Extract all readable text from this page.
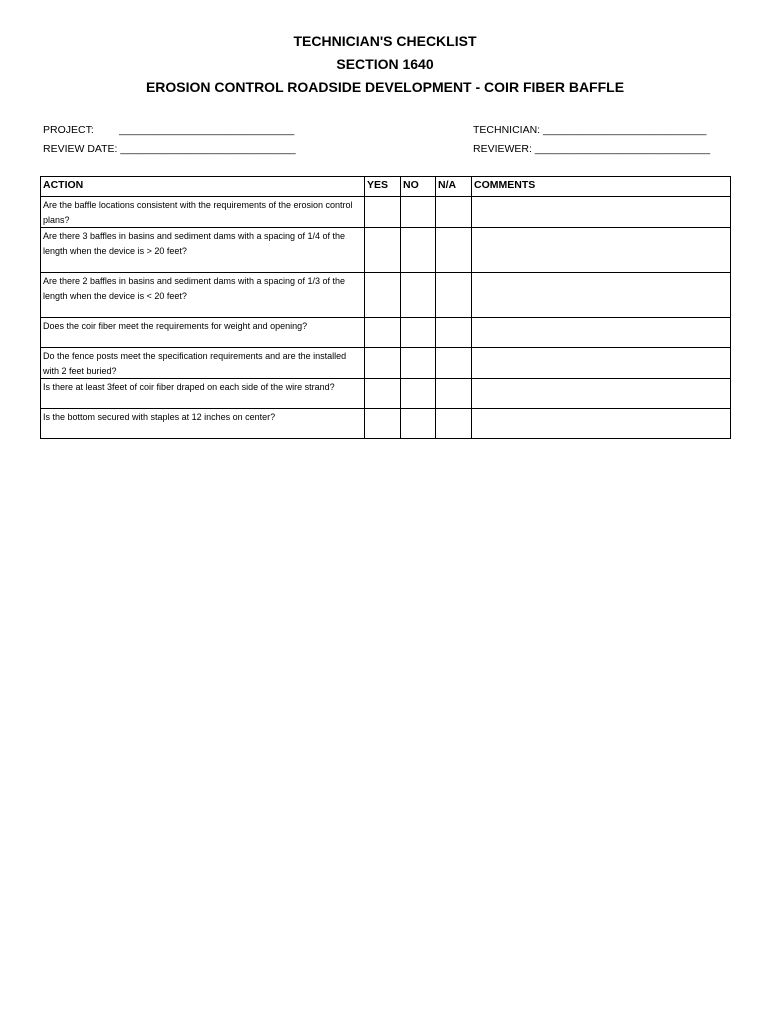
TECHNICIAN'S CHECKLIST
SECTION 1640
EROSION CONTROL ROADSIDE DEVELOPMENT - COIR FIBER BAFFLE
PROJECT: ______________________________
REVIEW DATE: ______________________________
TECHNICIAN: ____________________________
REVIEWER: ______________________________
ACTION	YES	NO	N/A	COMMENTS
Are the baffle locations consistent with the requirements of the erosion control plans?				
Are there 3 baffles in basins and sediment dams with a spacing of 1/4 of the length when the device is > 20 feet?				
Are there 2 baffles in basins and sediment dams with a spacing of 1/3 of the length when the device is < 20 feet?				
Does the coir fiber meet the requirements for weight and opening?				
Do the fence posts meet the specification requirements and are the installed with 2 feet buried?				
Is there at least 3feet of coir fiber draped on each side of the wire strand?				
Is the bottom secured with staples at 12 inches on center?				
